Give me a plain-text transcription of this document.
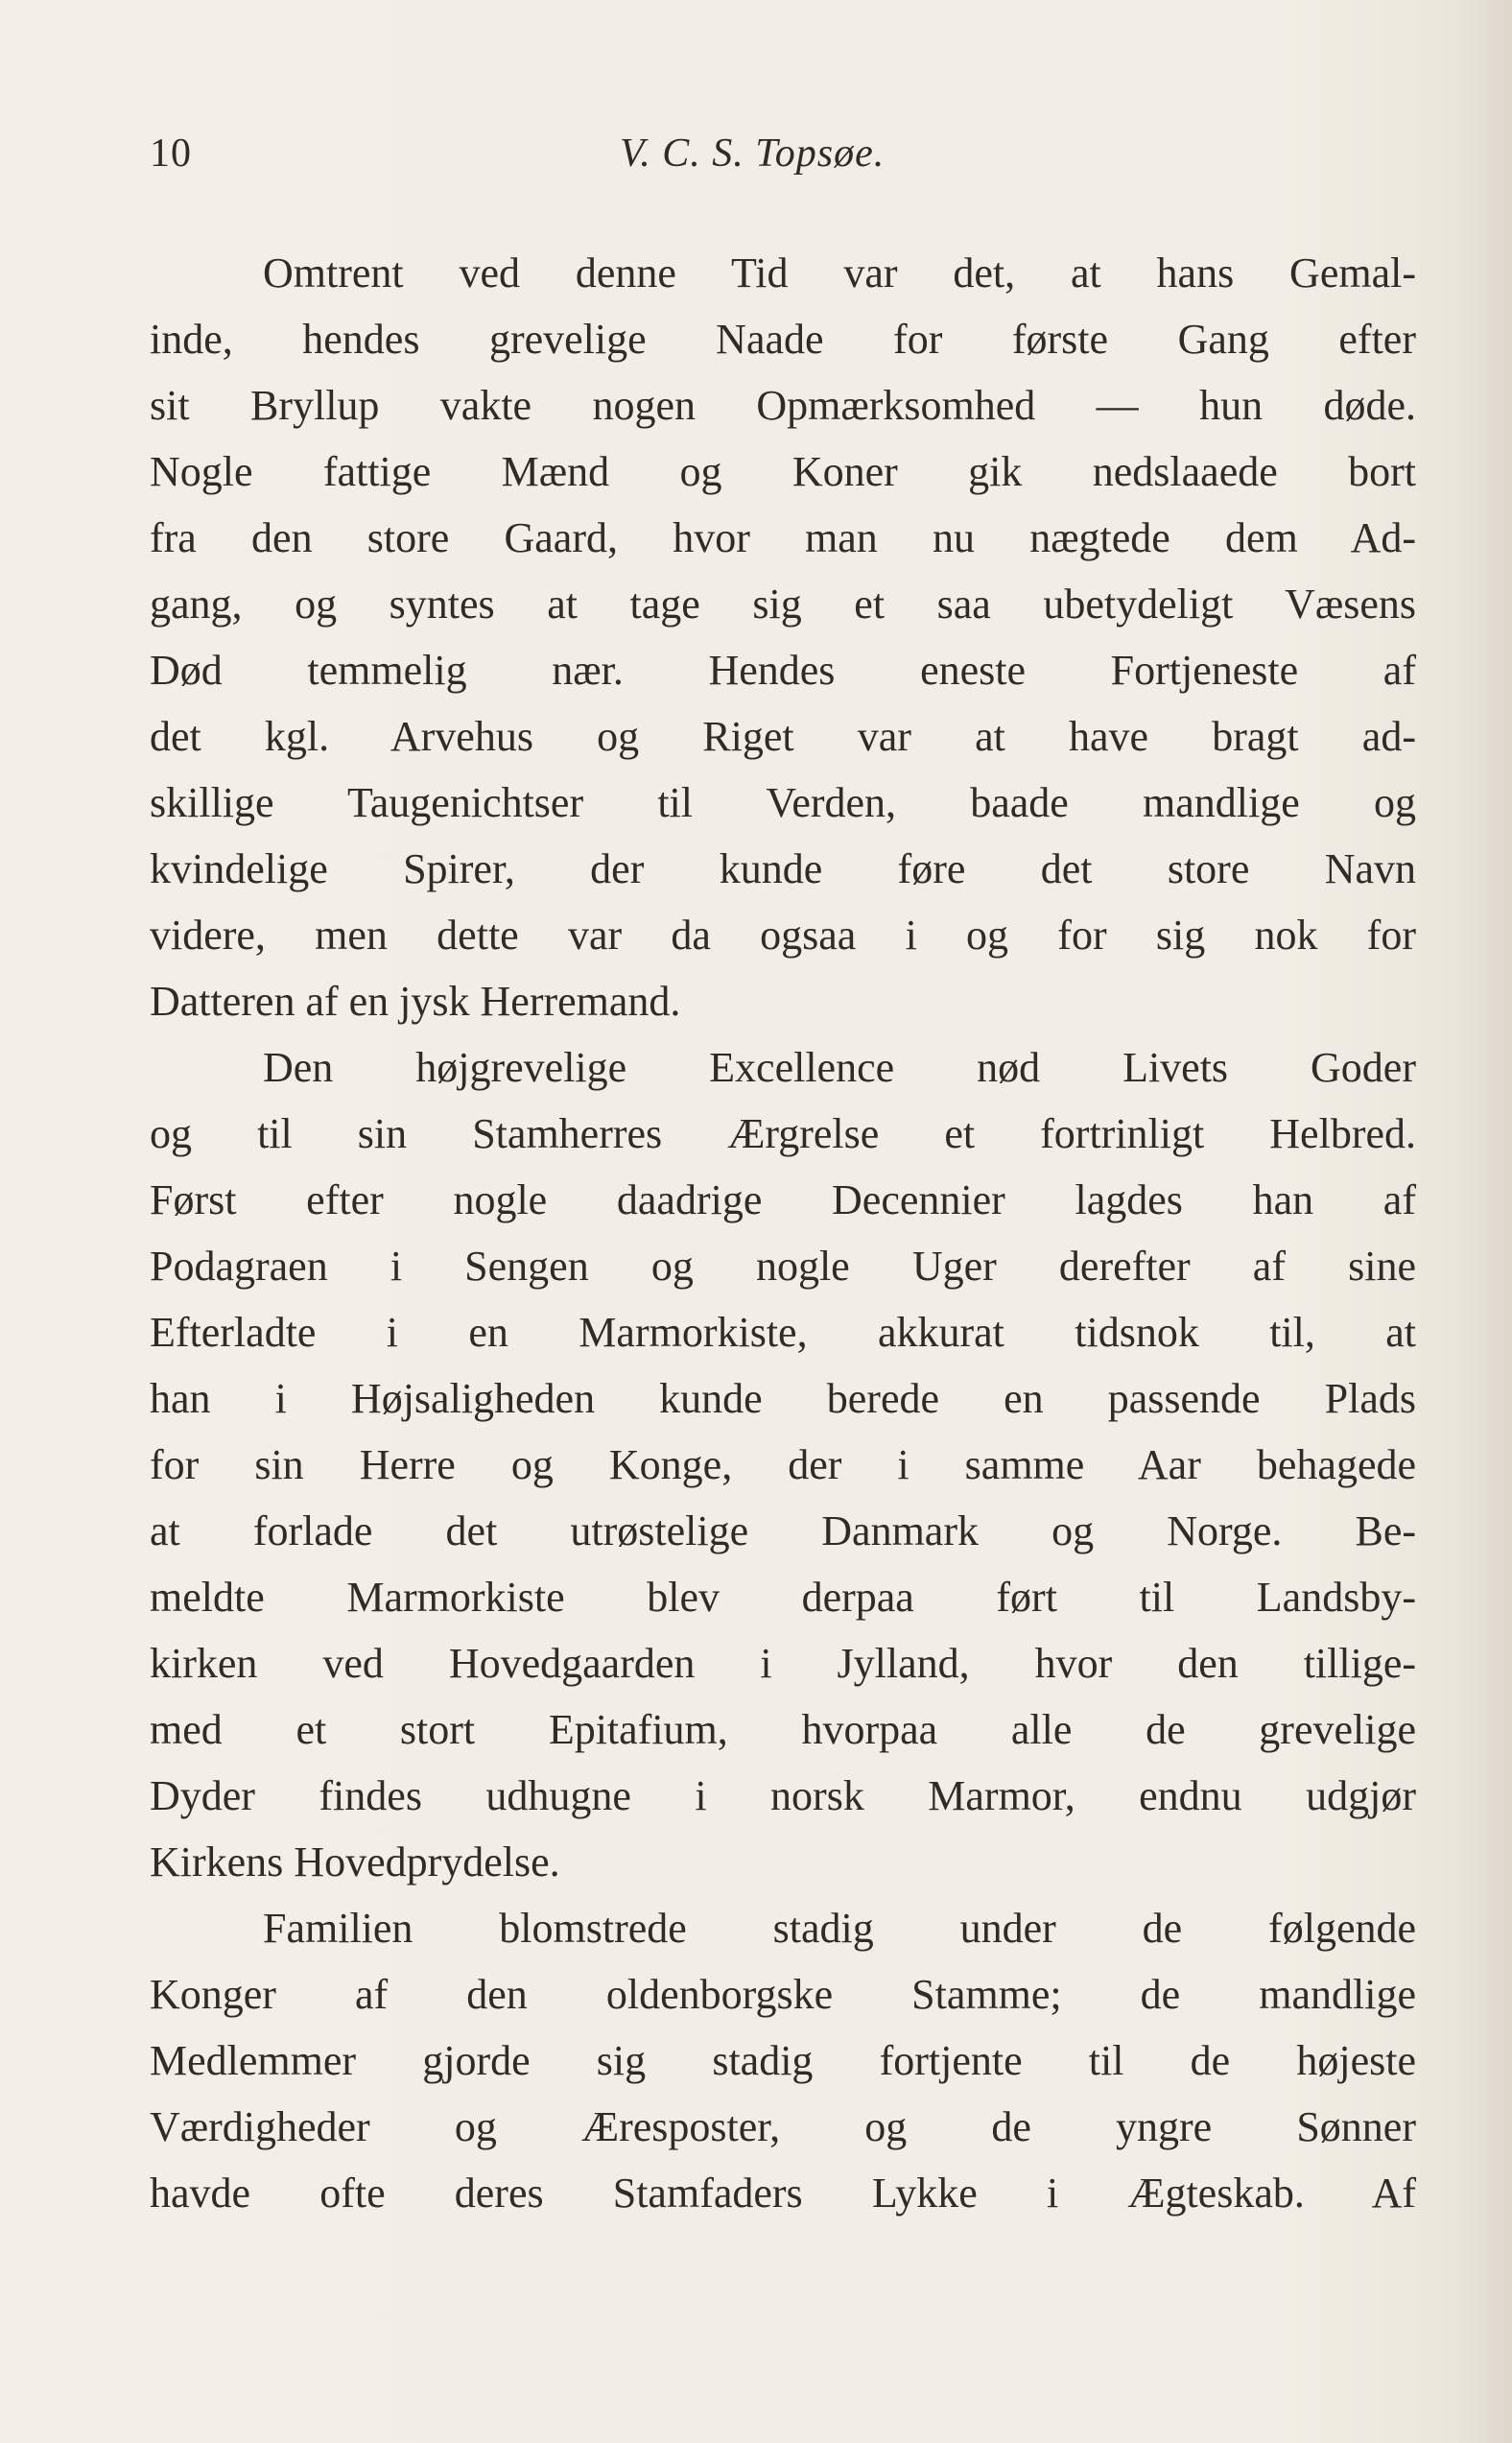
10	V. C. S. Topsøe.
Omtrent ved denne Tid var det, at hans Gemal-
inde, hendes grevelige Naade for første Gang efter
sit Bryllup vakte nogen Opmærksomhed — hun døde.
Nogle fattige Mænd og Koner gik nedslaaede bort
fra den store Gaard, hvor man nu nægtede dem Ad-
gang, og syntes at tage sig et saa ubetydeligt Væsens
Død temmelig nær. Hendes eneste Fortjeneste af
det kgl. Arvehus og Riget var at have bragt ad-
skillige Taugenichtser til Verden, baade mandlige og
kvindelige Spirer, der kunde føre det store Navn
videre, men dette var da ogsaa i og for sig nok for
Datteren af en jysk Herremand.
Den højgrevelige Excellence nød Livets Goder
og til sin Stamherres Ærgrelse et fortrinligt Helbred.
Først efter nogle daadrige Decennier lagdes han af
Podagraen i Sengen og nogle Uger derefter af sine
Efterladte i en Marmorkiste, akkurat tidsnok til, at
han i Højsaligheden kunde berede en passende Plads
for sin Herre og Konge, der i samme Aar behagede
at forlade det utrøstelige Danmark og Norge. Be-
meldte Marmorkiste blev derpaa ført til Landsby-
kirken ved Hovedgaarden i Jylland, hvor den tillige-
med et stort Epitafium, hvorpaa alle de grevelige
Dyder findes udhugne i norsk Marmor, endnu udgjør
Kirkens Hovedprydelse.
Familien blomstrede stadig under de følgende
Konger af den oldenborgske Stamme; de mandlige
Medlemmer gjorde sig stadig fortjente til de højeste
Værdigheder og Æresposter, og de yngre Sønner
havde ofte deres Stamfaders Lykke i Ægteskab. Af
